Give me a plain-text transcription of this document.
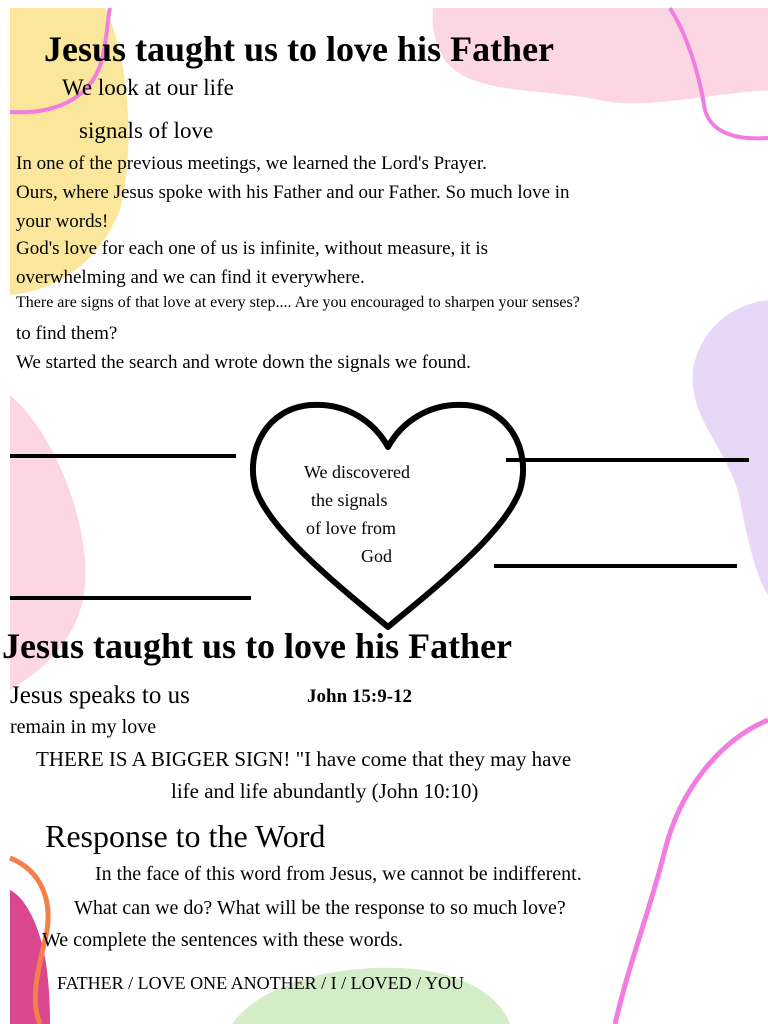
Jesus taught us to love his Father
We look at our life
signals of love
In one of the previous meetings, we learned the Lord's Prayer.
Ours, where Jesus spoke with his Father and our Father. So much love in
your words!
God's love for each one of us is infinite, without measure, it is
overwhelming and we can find it everywhere.
There are signs of that love at every step.... Are you encouraged to sharpen your senses?
to find them?
We started the search and wrote down the signals we found.
We discovered
the signals
of love from
God
Jesus taught us to love his Father
Jesus speaks to us	John 15:9-12
remain in my love
THERE IS A BIGGER SIGN! "I have come that they may have
life and life abundantly (John 10:10)
Response to the Word
In the face of this word from Jesus, we cannot be indifferent.
What can we do? What will be the response to so much love?
We complete the sentences with these words.
FATHER / LOVE ONE ANOTHER / I / LOVED / YOU
